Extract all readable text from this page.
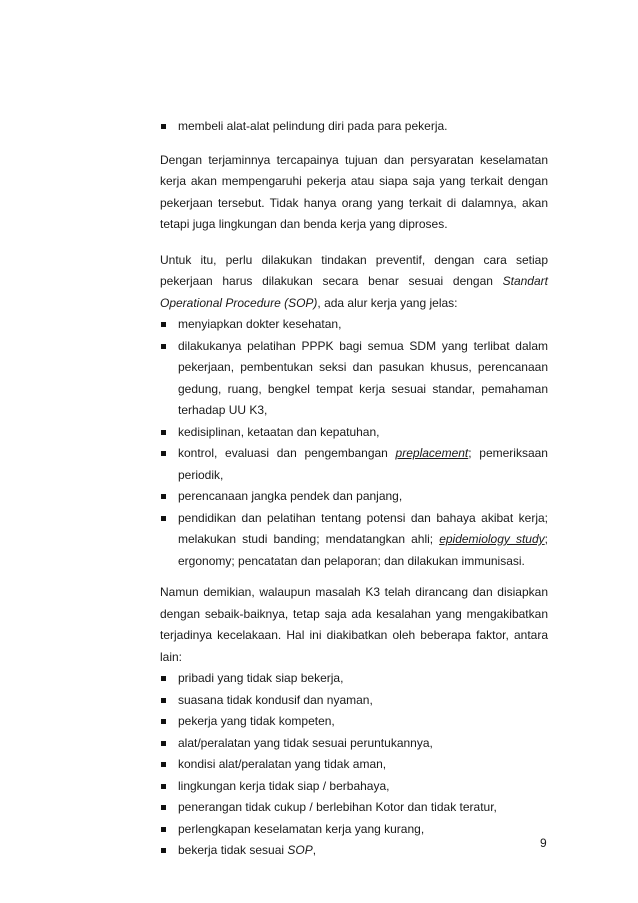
membeli alat-alat pelindung diri pada para pekerja.

Dengan terjaminnya tercapainya tujuan dan persyaratan keselamatan kerja akan mempengaruhi pekerja atau siapa saja yang terkait dengan pekerjaan tersebut. Tidak hanya orang yang terkait di dalamnya, akan tetapi juga lingkungan dan benda kerja yang diproses.

Untuk itu, perlu dilakukan tindakan preventif, dengan cara setiap pekerjaan harus dilakukan secara benar sesuai dengan Standart Operational Procedure (SOP), ada alur kerja yang jelas:

menyiapkan dokter kesehatan,
dilakukanya pelatihan PPPK bagi semua SDM yang terlibat dalam pekerjaan, pembentukan seksi dan pasukan khusus, perencanaan gedung, ruang, bengkel tempat kerja sesuai standar, pemahaman terhadap UU K3,
kedisiplinan, ketaatan dan kepatuhan,
kontrol, evaluasi dan pengembangan preplacement; pemeriksaan periodik,
perencanaan jangka pendek dan panjang,
pendidikan dan pelatihan tentang potensi dan bahaya akibat kerja; melakukan studi banding; mendatangkan ahli; epidemiology study; ergonomy; pencatatan dan pelaporan; dan dilakukan immunisasi.

Namun demikian, walaupun masalah K3 telah dirancang dan disiapkan dengan sebaik-baiknya, tetap saja ada kesalahan yang mengakibatkan terjadinya kecelakaan. Hal ini diakibatkan oleh beberapa faktor, antara lain:

pribadi yang tidak siap bekerja,
suasana tidak kondusif dan nyaman,
pekerja yang tidak kompeten,
alat/peralatan yang tidak sesuai peruntukannya,
kondisi alat/peralatan yang tidak aman,
lingkungan kerja tidak siap / berbahaya,
penerangan tidak cukup / berlebihan Kotor dan tidak teratur,
perlengkapan keselamatan kerja yang kurang,
bekerja tidak sesuai SOP,	9
